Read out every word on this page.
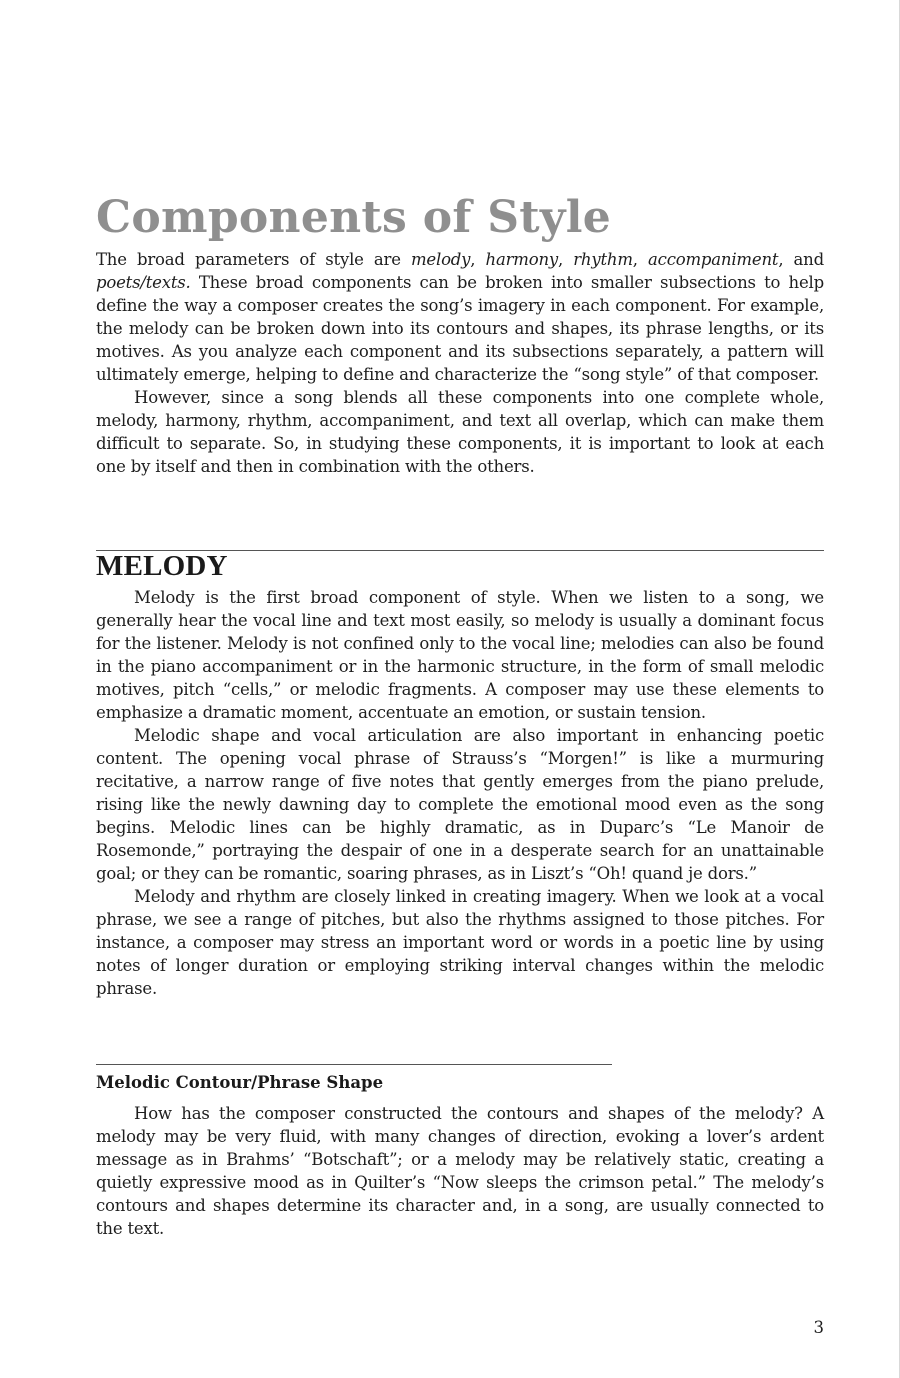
Components of Style

The broad parameters of style are melody, harmony, rhythm, accompaniment, and poets/texts. These broad components can be broken into smaller subsections to help define the way a composer creates the song’s imagery in each component. For example, the melody can be broken down into its contours and shapes, its phrase lengths, or its motives. As you analyze each component and its subsections separately, a pattern will ultimately emerge, helping to define and characterize the “song style” of that composer.

However, since a song blends all these components into one complete whole, melody, harmony, rhythm, accompaniment, and text all overlap, which can make them difficult to separate. So, in studying these components, it is important to look at each one by itself and then in combination with the others.

MELODY

Melody is the first broad component of style. When we listen to a song, we generally hear the vocal line and text most easily, so melody is usually a dominant focus for the listener. Melody is not confined only to the vocal line; melodies can also be found in the piano accompaniment or in the harmonic structure, in the form of small melodic motives, pitch “cells,” or melodic fragments. A composer may use these elements to emphasize a dramatic moment, accentuate an emotion, or sustain tension.

Melodic shape and vocal articulation are also important in enhancing poetic content. The opening vocal phrase of Strauss’s “Morgen!” is like a murmuring recitative, a narrow range of five notes that gently emerges from the piano prelude, rising like the newly dawning day to complete the emotional mood even as the song begins. Melodic lines can be highly dramatic, as in Duparc’s “Le Manoir de Rosemonde,” portraying the despair of one in a desperate search for an unattainable goal; or they can be romantic, soaring phrases, as in Liszt’s “Oh! quand je dors.”

Melody and rhythm are closely linked in creating imagery. When we look at a vocal phrase, we see a range of pitches, but also the rhythms assigned to those pitches. For instance, a composer may stress an important word or words in a poetic line by using notes of longer duration or employing striking interval changes within the melodic phrase.

Melodic Contour/Phrase Shape

How has the composer constructed the contours and shapes of the melody? A melody may be very fluid, with many changes of direction, evoking a lover’s ardent message as in Brahms’ “Botschaft”; or a melody may be relatively static, creating a quietly expressive mood as in Quilter’s “Now sleeps the crimson petal.” The melody’s contours and shapes determine its character and, in a song, are usually connected to the text.

3
